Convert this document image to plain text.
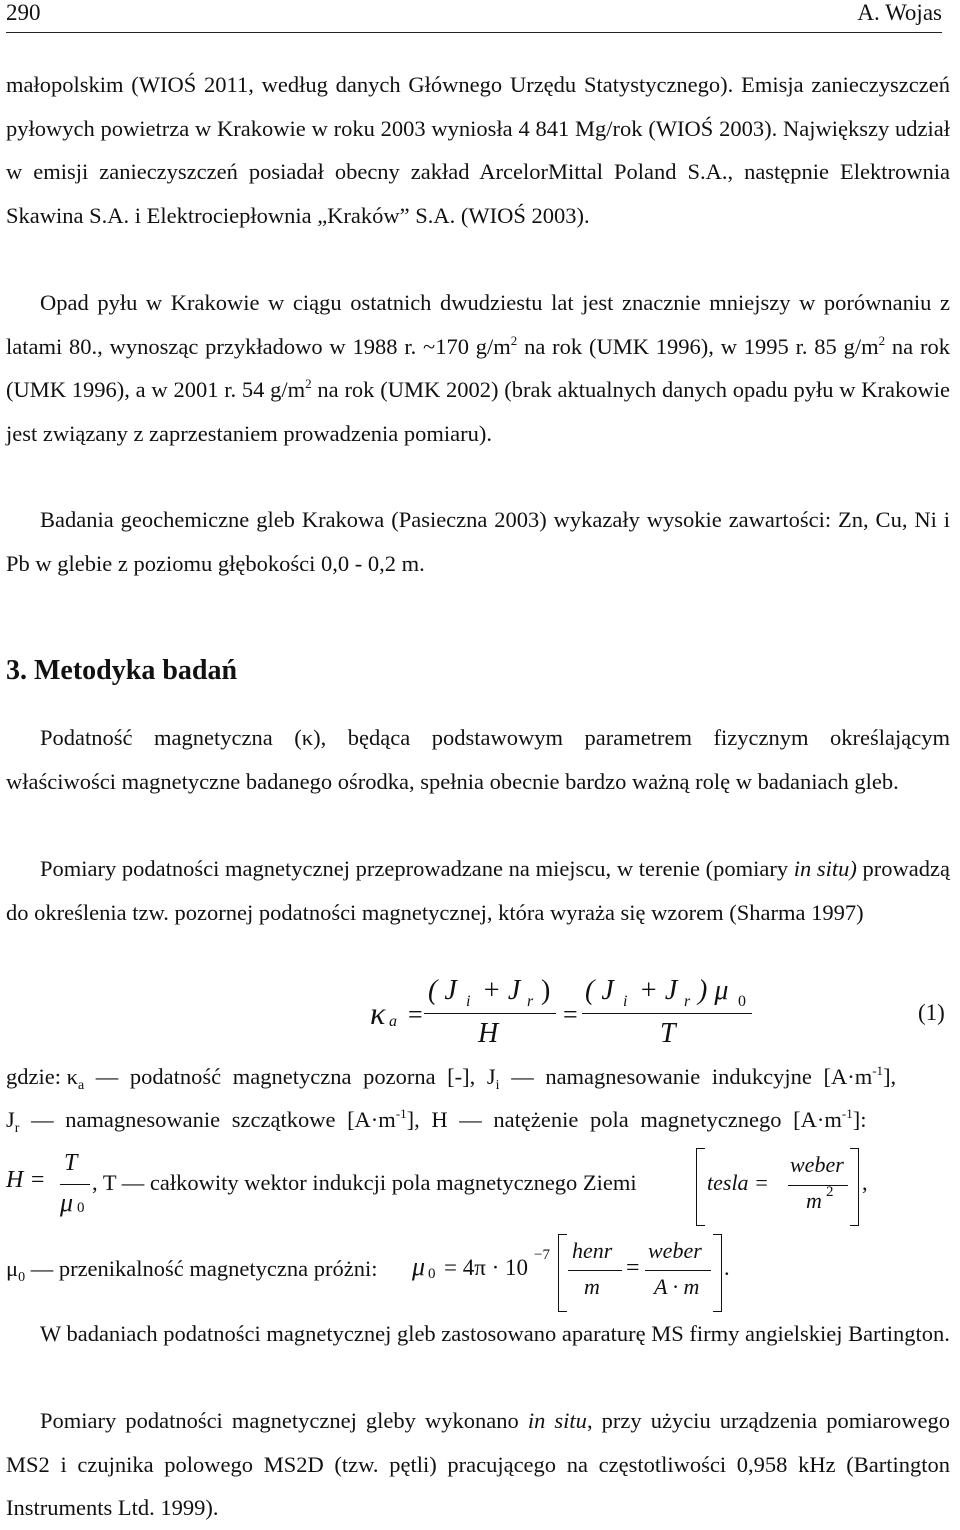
290	A. Wojas

małopolskim (WIOŚ 2011, według danych Głównego Urzędu Statystycznego). Emisja zanieczyszczeń pyłowych powietrza w Krakowie w roku 2003 wyniosła 4 841 Mg/rok (WIOŚ 2003). Największy udział w emisji zanieczyszczeń posiadał obecny zakład ArcelorMittal Poland S.A., następnie Elektrownia Skawina S.A. i Elektrociepłownia „Kraków” S.A. (WIOŚ 2003).

Opad pyłu w Krakowie w ciągu ostatnich dwudziestu lat jest znacznie mniejszy w porównaniu z latami 80., wynosząc przykładowo w 1988 r. ~170 $g/m^2$ na rok (UMK 1996), w 1995 r. 85 $g/m^2$ na rok (UMK 1996), a w 2001 r. 54 $g/m^2$ na rok (UMK 2002) (brak aktualnych danych opadu pyłu w Krakowie jest związany z zaprzestaniem prowadzenia pomiaru).

Badania geochemiczne gleb Krakowa (Pasieczna 2003) wykazały wysokie zawartości: Zn, Cu, Ni i Pb w glebie z poziomu głębokości 0,0 - 0,2 m.

3. Metodyka badań

Podatność magnetyczna (κ), będąca podstawowym parametrem fizycznym określającym właściwości magnetyczne badanego ośrodka, spełnia obecnie bardzo ważną rolę w badaniach gleb.

Pomiary podatności magnetycznej przeprowadzane na miejscu, w terenie (pomiary in situ) prowadzą do określenia tzw. pozornej podatności magnetycznej, która wyraża się wzorem (Sharma 1997)

κ a =
( J i + J r )
H
=
( J i + J r ) μ 0
T
(1)
gdzie: $\kappa_a$ — podatność magnetyczna pozorna [-], $J_i$ — namagnesowanie indukcyjne $[A\cdot m^{-1}]$,
$J_r$ — namagnesowanie szczątkowe $[A\cdot m^{-1}]$, H — natężenie pola magnetycznego $[A\cdot m^{-1}]$:
H =
T
μ 0
, T — całkowity wektor indukcji pola magnetycznego Ziemi	tesla =
weber
m 2 ,
$\mu_0$ — przenikalność magnetyczna próżni: μ 0 = 4π · 10 −7 henr
m
=
weber
A · m
.

W badaniach podatności magnetycznej gleb zastosowano aparaturę MS firmy angielskiej Bartington.

Pomiary podatności magnetycznej gleby wykonano in situ, przy użyciu urządzenia pomiarowego MS2 i czujnika polowego MS2D (tzw. pętli) pracującego na częstotliwości 0,958 kHz (Bartington Instruments Ltd. 1999).
